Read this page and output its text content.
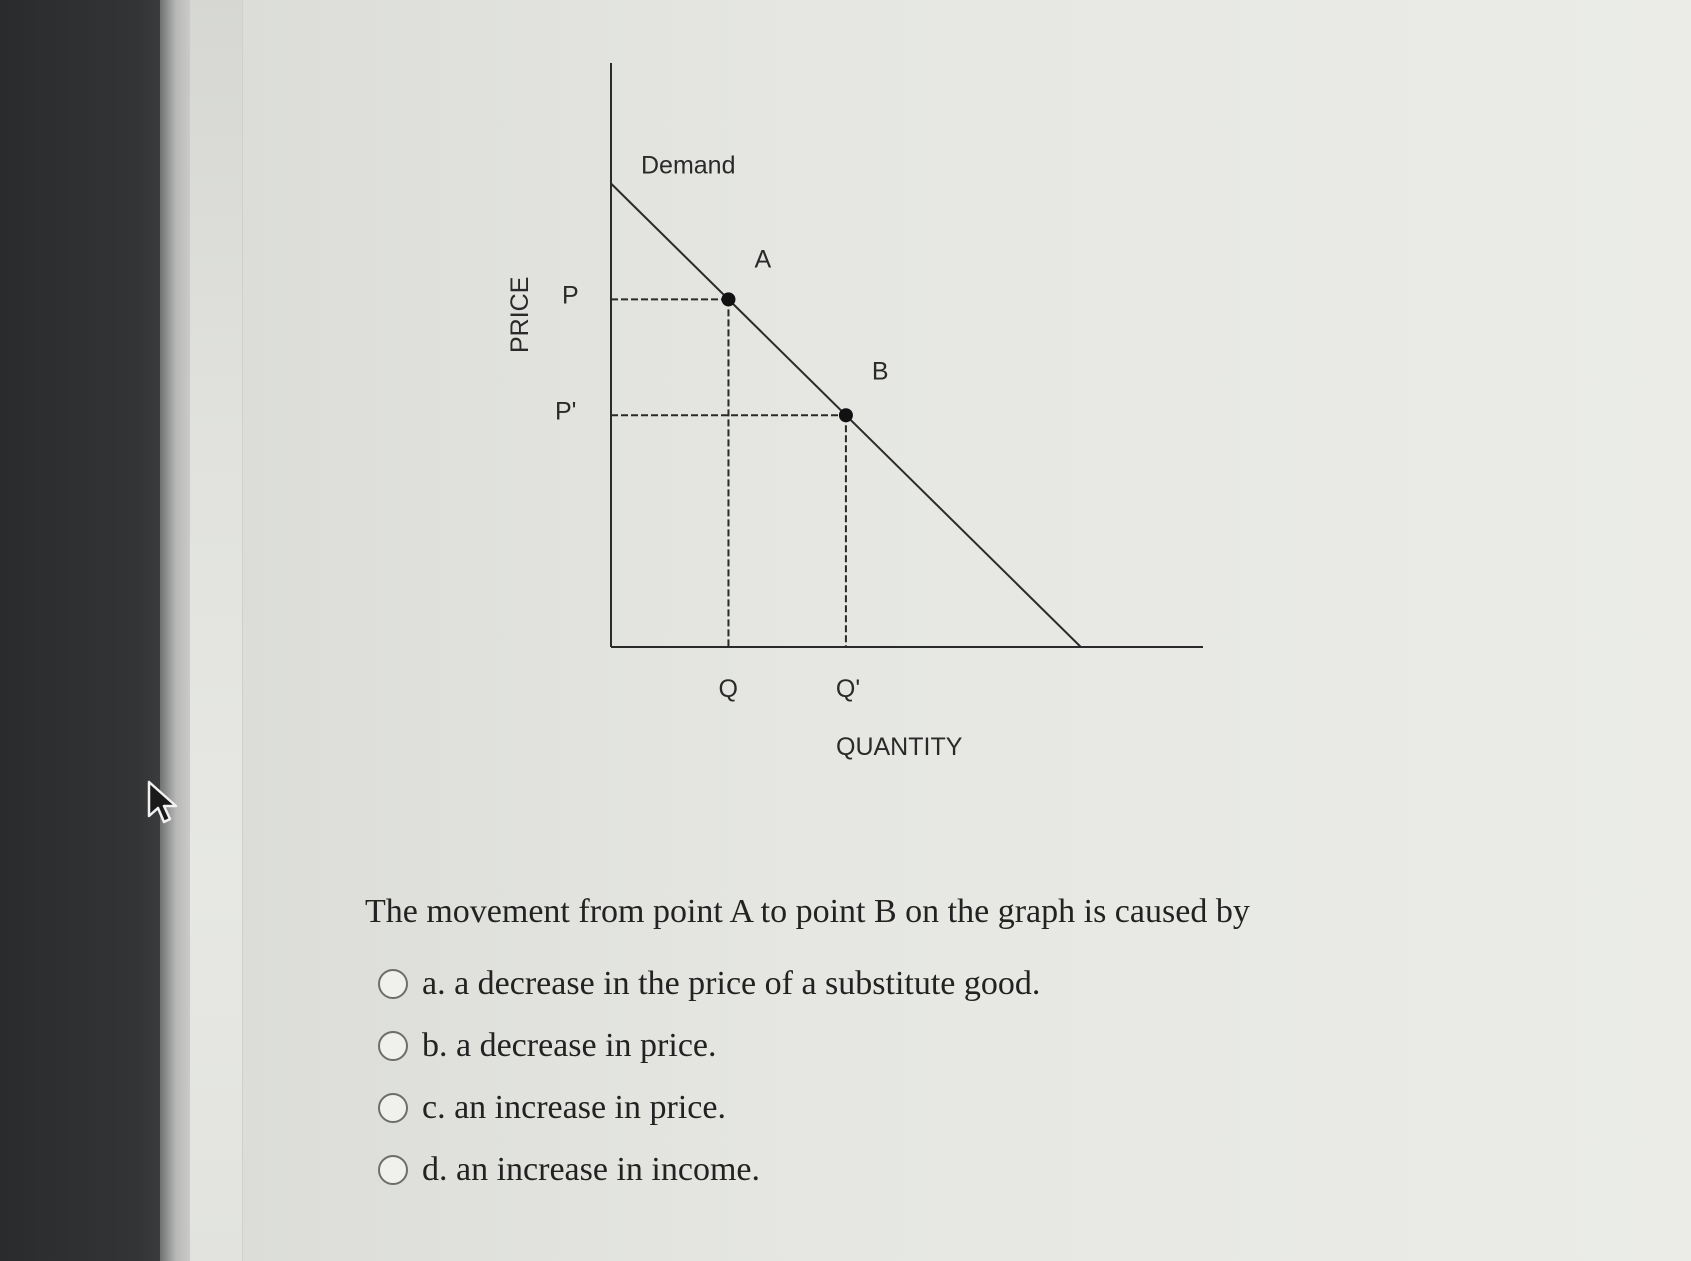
Demand
A
B
P
P'
Q	Q'
QUANTITY
PRICE
The movement from point A to point B on the graph is caused by
a. a decrease in the price of a substitute good.
b. a decrease in price.
c. an increase in price.
d. an increase in income.
